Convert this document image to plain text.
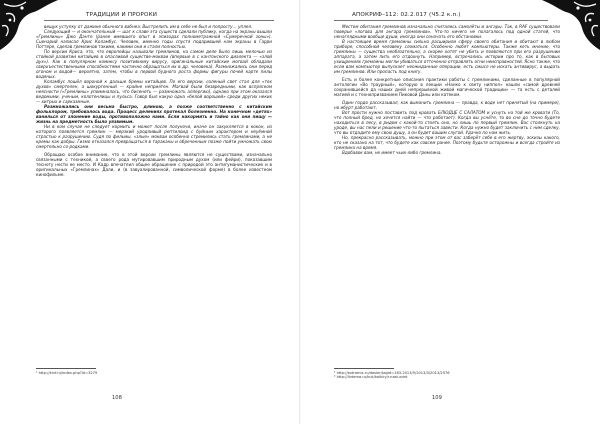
ТРАДИЦИИ И ПРОРОКИ

вещук уступку от дажине обычного вабнеа. Выстрелить им в себе не был и попросту… уплел.

Следующий — и окончательный — шаг к славе эта существ сделали публику, когда на экраны вышли «Гремлины» Джо Данте (ранее имевшего опыт в эпизодах полнометражной «Сумеречной зоны»). Сценарий написал Крис Коламбус. Человек, именно годы спустя подарившей нам экраны в Гарри Поттере, сделав гремлинов такими, какими они и стали полностью.

По версии Криса, это, что европейцы называли гремлинов, на самом деле было лишь мелочью из стойкой развитии китайцев в опасливой существе-мокваи (впервые в с кантонского диалекта — «злой дух»). Как в популярном комиксу позитивному вирусу, оригинальные китайские могвай обладали сверхъестественными способностями частично обращаться их в др. человека). Размножались они перед огоном и водой— вероятно, затем, чтобы в первой будного роста формы фигуры почей карте пилы водяных.

Коламбус пошёл вороной к дальше бремы китайцев. По его версии, соленый свет стал для «тех духов» смертелен, а шокургенный — крайне неприятен. Магвай были безвредными, как вспряском неясности («Гремлины» упоминалось, что бисенеть — размножать аллергию), однако при этом оказался ведомыми, ученым, колотенлицы и пульса. Говор был какую одна «белой ворошей» среди других неких — хитрых и сарказмные.

Размножались они весьма быстро, длиною, а позже соответственно с китайским фольклором, требовалось вода. Процесс делениях протекал болезненно. На конечном «детях» ванилься от злонение воды, противоположно нами. Если накормить и тайно как они пищу — жизнь на предметность было уязвимым.

Ни в ком случае не следует кормить и может после полуночи, иначе он закукляется в кокон, из которого появляется гремлин — мерзкий уродливый рептилоид с буйным характером и неуёмной страстью к разрушению. Судя по фильмы, «злые» мокваи особенно стремились стать гремлинами, а не кремы как добры. Гизмо отказался превращаться в тараканы и обреченным позже пойти умножать свою смертельно со-родками.

Обращаю особое внимание, что в этой версии гремлины являются не существами, изначально связанными с техникой, а своего рода мутировавшим природным духом (или фейри), показавшим тесноту нести ее место. И Кадр впечатлил общее обращение с природой это антигуманистические и в оригинальных «Гремлинах» Дали, и (в завуалированной, символической форме) в более известном кинофильме.

¹ http://kinf.ru/index.php?id=3279
108
АПОКРИФ–112: 02.2.017 (Ч5.2 к.п.)

Местом обитания гремлинов изначально считались самолёты и ангары. Так, в RAF существовали поверье «логова для ангара гремлинов». Что-то ничего не полагалось под одной статей, что ненаглядными вообще души, иногда они означать его обстановки.

В настоящее время гремлины сильно расширили сферу своего обитания и обитают в любом приборе, способной человеку сломаться. Особенно любят компьютеры. Также кеть мнение, что гремлины — существа необязательно, а скорее хотят не убить и появляются при его разрушении аппарата, а затем пить его отдохнуть. Например, встречались истории про то, как в бытовых ухищрениях гремлины могли убиваться отточенно отправлять огни неисправностей. Ясно также, что если вам компьютер выпускает неожиданные операции, есть смысл не искать антивирус, а выдать им гремлинов. Или пропасть под книгу.

Есть и более конкретные описания практики работы с гремлинами, сделанные в популярной антологии «Во траурный», которую в лекции «Нанко к свету ниппол» нашли «самой древней сохранившейся да наших дней непрерывной живой магической традиции» — та есть с деталей магией и с технопризванием Пиковой Даны или катеком.

Один гордо рассказывал, как выманить гремлина — правда, к воде нет принятый (на примере), но ибурт работают.

Вот прости нужно поставить под кровать БЛЮДЦЕ С САЛАТОМ и уснуть на той же кровати (То, что полный бред, но хочется найти — что работает). Когда вы уснёте, то во сне до точно будете находиться в лесу, в ридом с какой-то стоять оно, но лишь по первый гремлин. Вас столкнуть на уроде, вы нас пели и решение что-то пытаться завести. Когда нужно будет заключить с ним сделку, что вы отдадите ему свою душу, а он будет вашим слугой. Удачно по нам жить.

Но, прекрасно рассказывать, можно при этом от вас заберёт себе в его жертву, эскизы какого, кто не сказано на тот, что будете как совсем ранее. Поэтому будьте осторожны и всегда стройте из гремлина на время.

Вдобавок вам, не имеет чьих-либо гремлина.

¹ http://extramix.ru/dosier/tagId=183-2013/5/2013/3/2013/2576
² http://lintema.ru/kuk/kolkiry/r.nast-odnt
109
